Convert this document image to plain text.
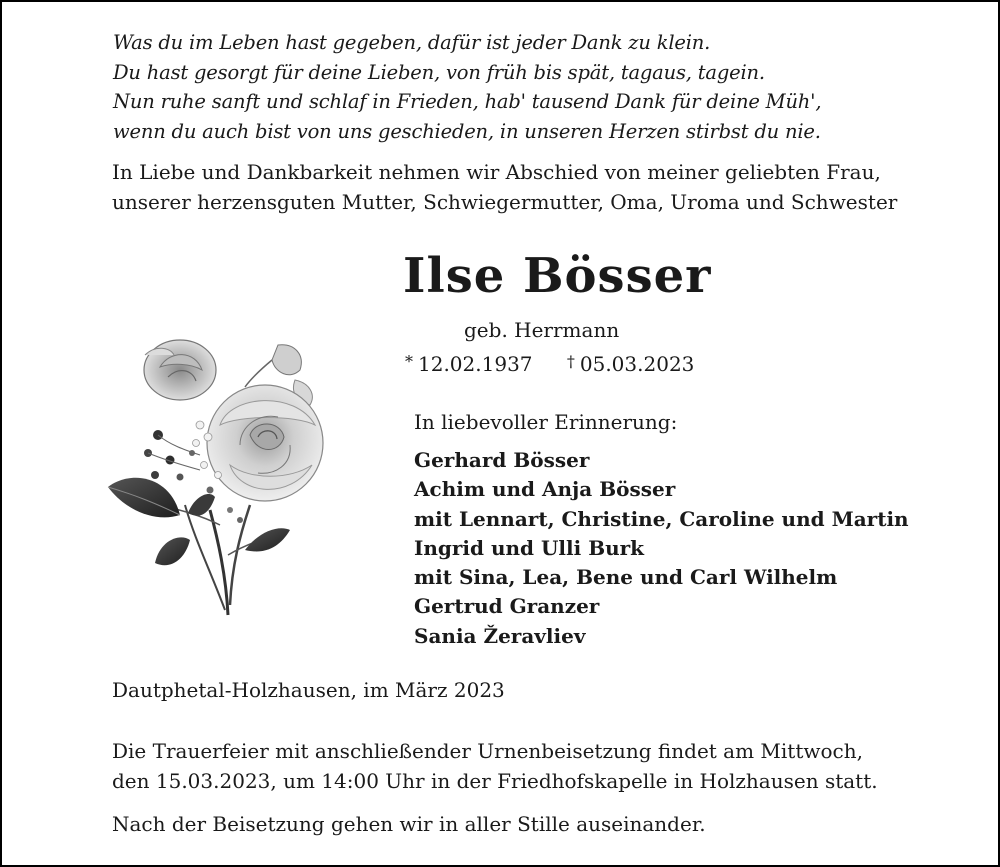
Was du im Leben hast gegeben, dafür ist jeder Dank zu klein.
Du hast gesorgt für deine Lieben, von früh bis spät, tagaus, tagein.
Nun ruhe sanft und schlaf in Frieden, hab' tausend Dank für deine Müh',
wenn du auch bist von uns geschieden, in unseren Herzen stirbst du nie.
In Liebe und Dankbarkeit nehmen wir Abschied von meiner geliebten Frau,
unserer herzensguten Mutter, Schwiegermutter, Oma, Uroma und Schwester
Ilse Bösser
geb. Herrmann
* 12.02.1937 † 05.03.2023
In liebevoller Erinnerung:
Gerhard Bösser
Achim und Anja Bösser
mit Lennart, Christine, Caroline und Martin
Ingrid und Ulli Burk
mit Sina, Lea, Bene und Carl Wilhelm
Gertrud Granzer
Sania Žeravliev
Dautphetal-Holzhausen, im März 2023
Die Trauerfeier mit anschließender Urnenbeisetzung findet am Mittwoch,
den 15.03.2023, um 14:00 Uhr in der Friedhofskapelle in Holzhausen statt.
Nach der Beisetzung gehen wir in aller Stille auseinander.
